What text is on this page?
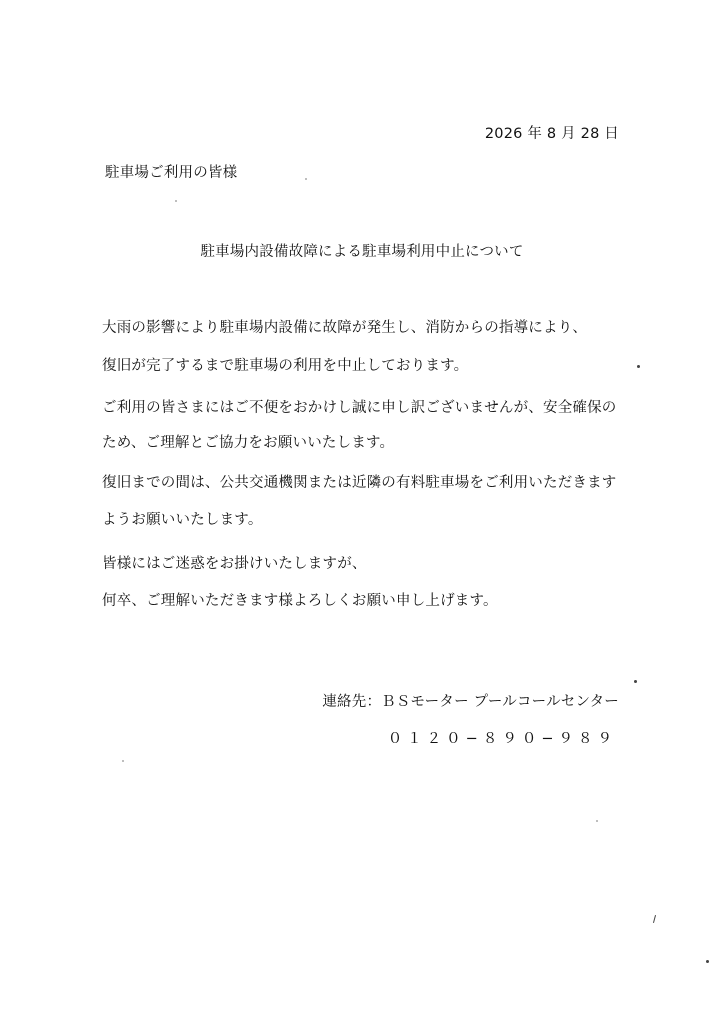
2026 年 8 月 28 日
駐車場ご利用の皆様
駐車場内設備故障による駐車場利用中止について
大雨の影響により駐車場内設備に故障が発生し、消防からの指導により、
復旧が完了するまで駐車場の利用を中止しております。
ご利用の皆さまにはご不便をおかけし誠に申し訳ございませんが、安全確保の
ため、ご理解とご協力をお願いいたします。
復旧までの間は、公共交通機関または近隣の有料駐車場をご利用いただきます
ようお願いいたします。
皆様にはご迷惑をお掛けいたしますが、
何卒、ご理解いただきます様よろしくお願い申し上げます。
連絡先：ＢＳモーター プールコールセンター
０１２０−８９０−９８９
